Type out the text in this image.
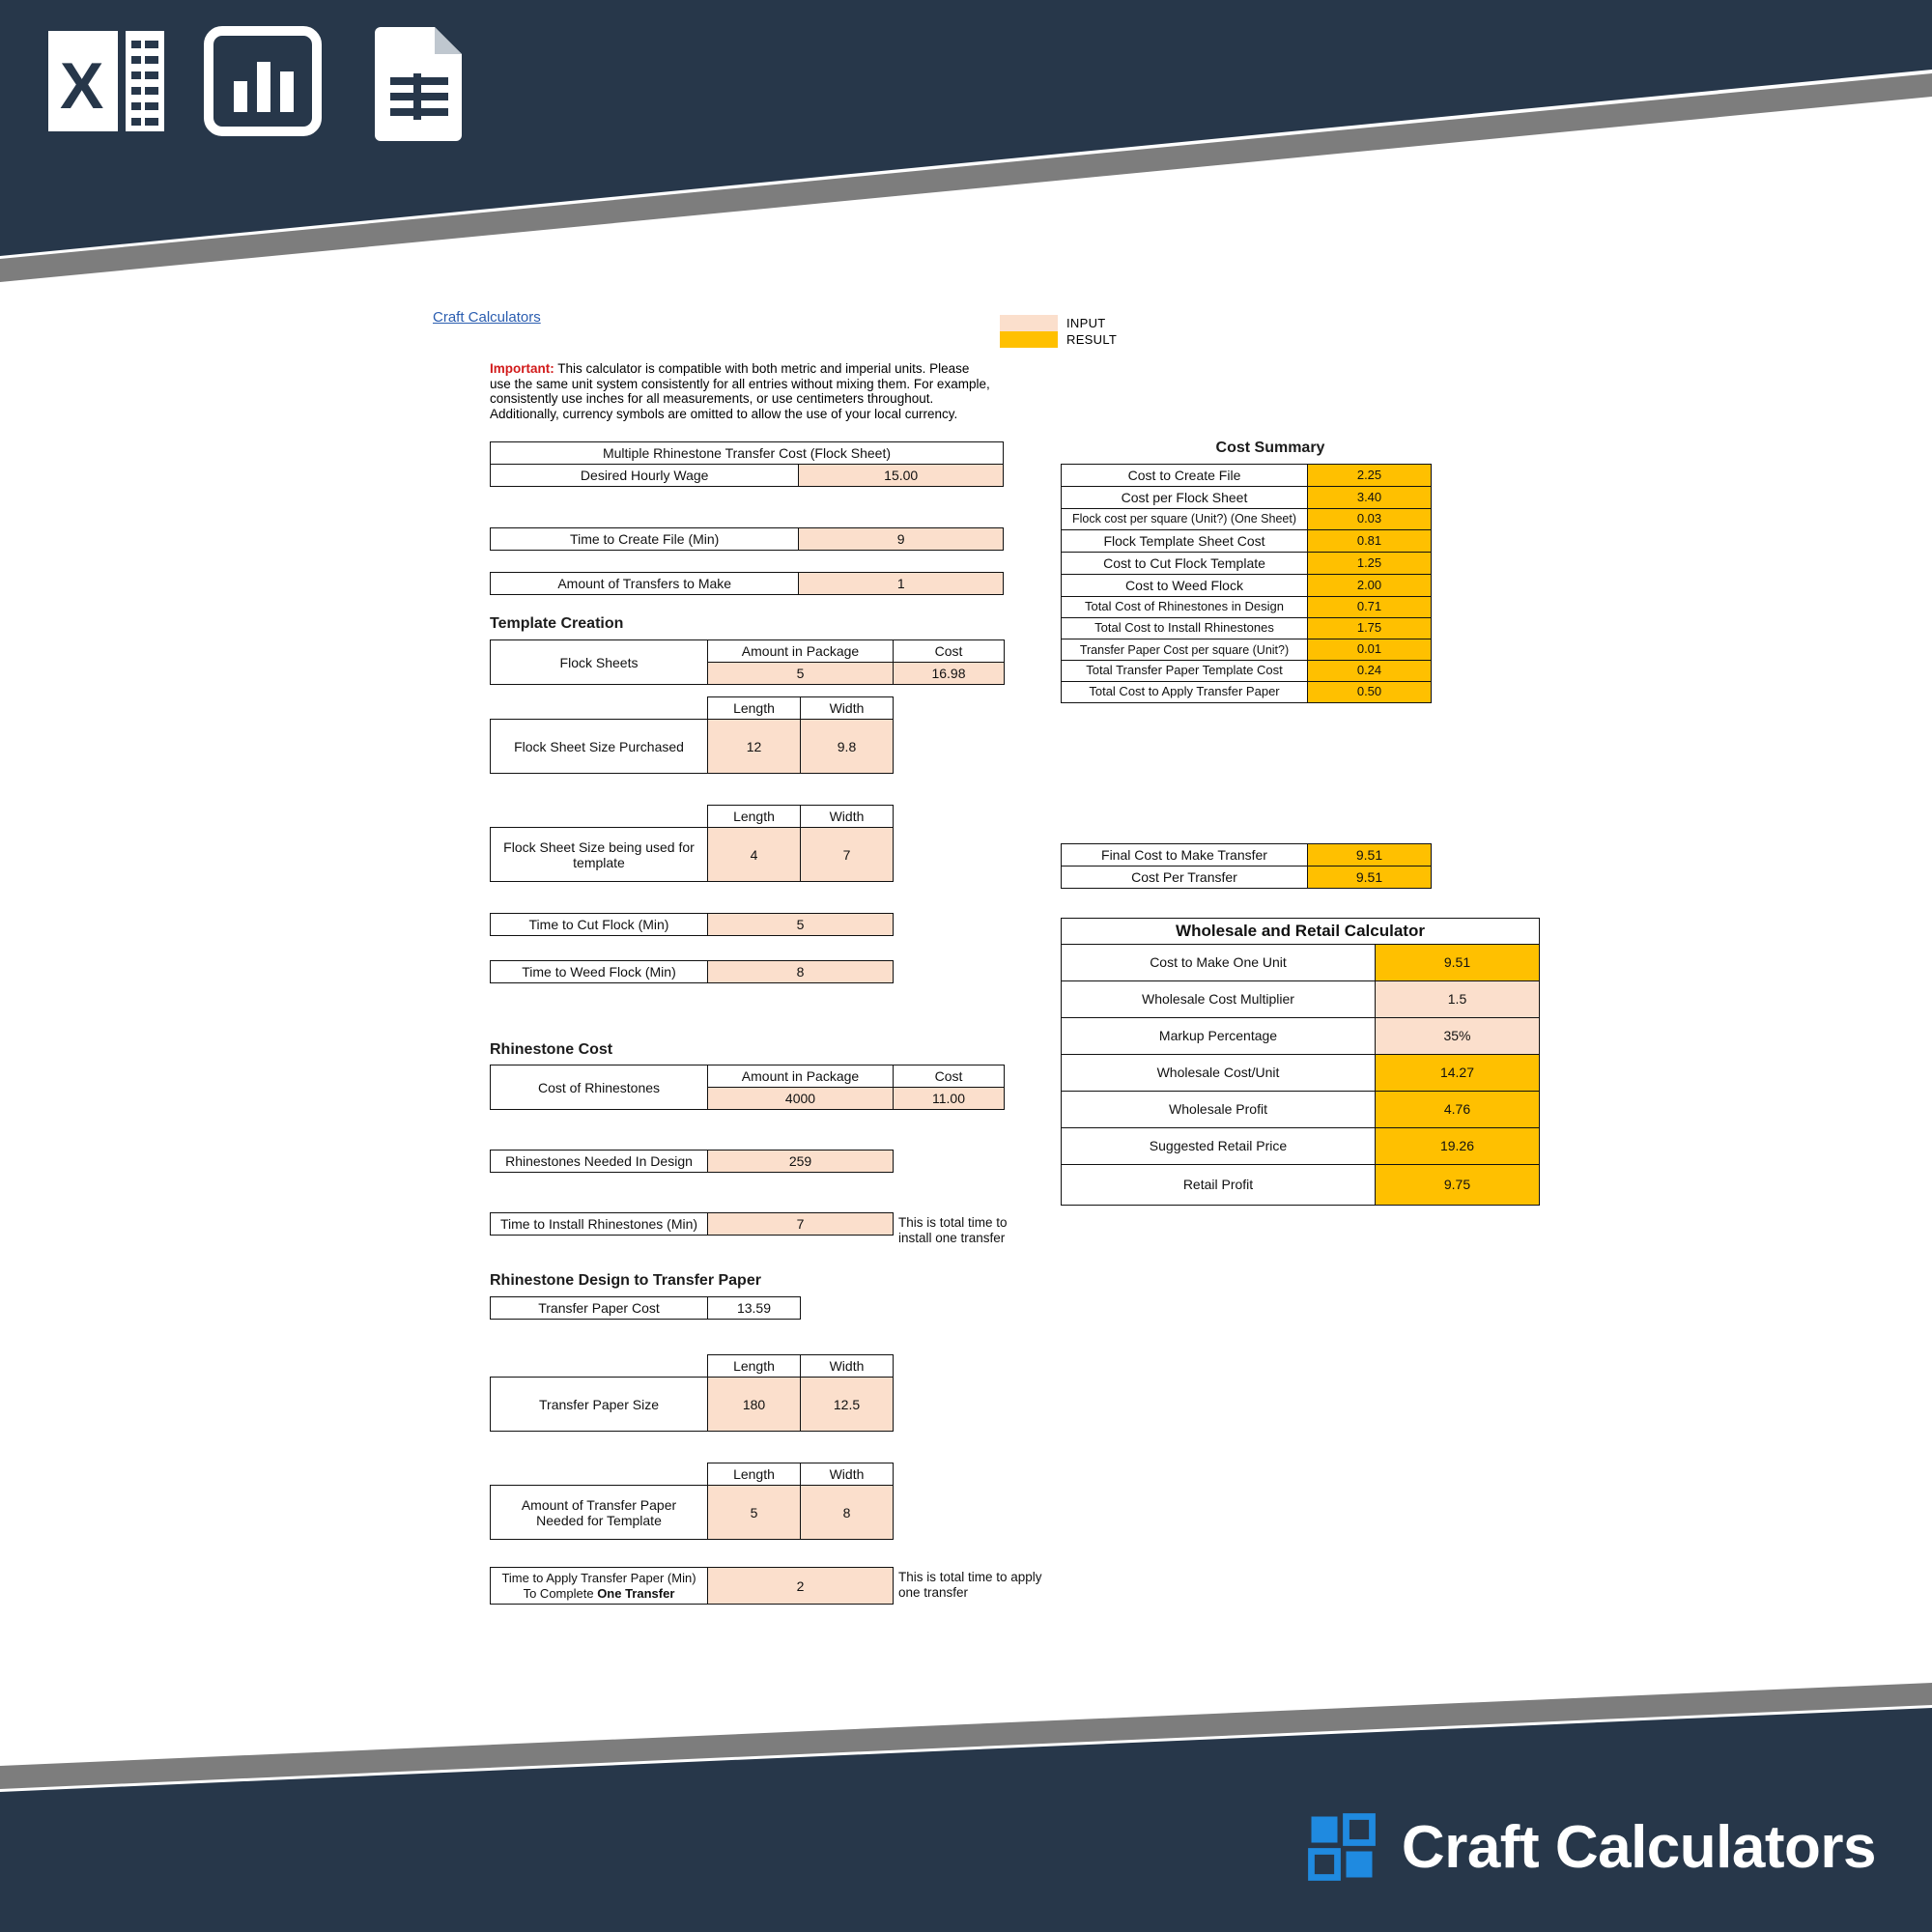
X
Craft Calculators
Craft Calculators	INPUT
RESULT
Important: This calculator is compatible with both metric and imperial units. Please use the same unit system consistently for all entries without mixing them. For example, consistently use inches for all measurements, or use centimeters throughout. Additionally, currency symbols are omitted to allow the use of your local currency.
Multiple Rhinestone Transfer Cost (Flock Sheet)
Desired Hourly Wage	15.00
Time to Create File (Min)	9
Amount of Transfers to Make	1
Template Creation
Flock Sheets	Amount in Package	Cost
	5	16.98
	Length	Width
Flock Sheet Size Purchased	12	9.8
	Length	Width
Flock Sheet Size being used for template	4	7
Time to Cut Flock (Min)	5
Time to Weed Flock (Min)	8
Rhinestone Cost
Cost of Rhinestones	Amount in Package	Cost
	4000	11.00
Rhinestones Needed In Design	259
Time to Install Rhinestones (Min)	7	This is total time to install one transfer
Rhinestone Design to Transfer Paper
Transfer Paper Cost	13.59
	Length	Width
Transfer Paper Size	180	12.5
	Length	Width
Amount of Transfer Paper Needed for Template	5	8
Time to Apply Transfer Paper (Min)
To Complete One Transfer	2
This is total time to apply one transfer
Cost Summary
Cost to Create File	2.25
Cost per Flock Sheet	3.40
Flock cost per square (Unit?) (One Sheet)	0.03
Flock Template Sheet Cost	0.81
Cost to Cut Flock Template	1.25
Cost to Weed Flock	2.00
Total Cost of Rhinestones in Design	0.71
Total Cost to Install Rhinestones	1.75
Transfer Paper Cost per square (Unit?)	0.01
Total Transfer Paper Template Cost	0.24
Total Cost to Apply Transfer Paper	0.50
Final Cost to Make Transfer	9.51
Cost Per Transfer	9.51
Wholesale and Retail Calculator	
Cost to Make One Unit	9.51
Wholesale Cost Multiplier	1.5
Markup Percentage	35%
Wholesale Cost/Unit	14.27
Wholesale Profit	4.76
Suggested Retail Price	19.26
Retail Profit	9.75
